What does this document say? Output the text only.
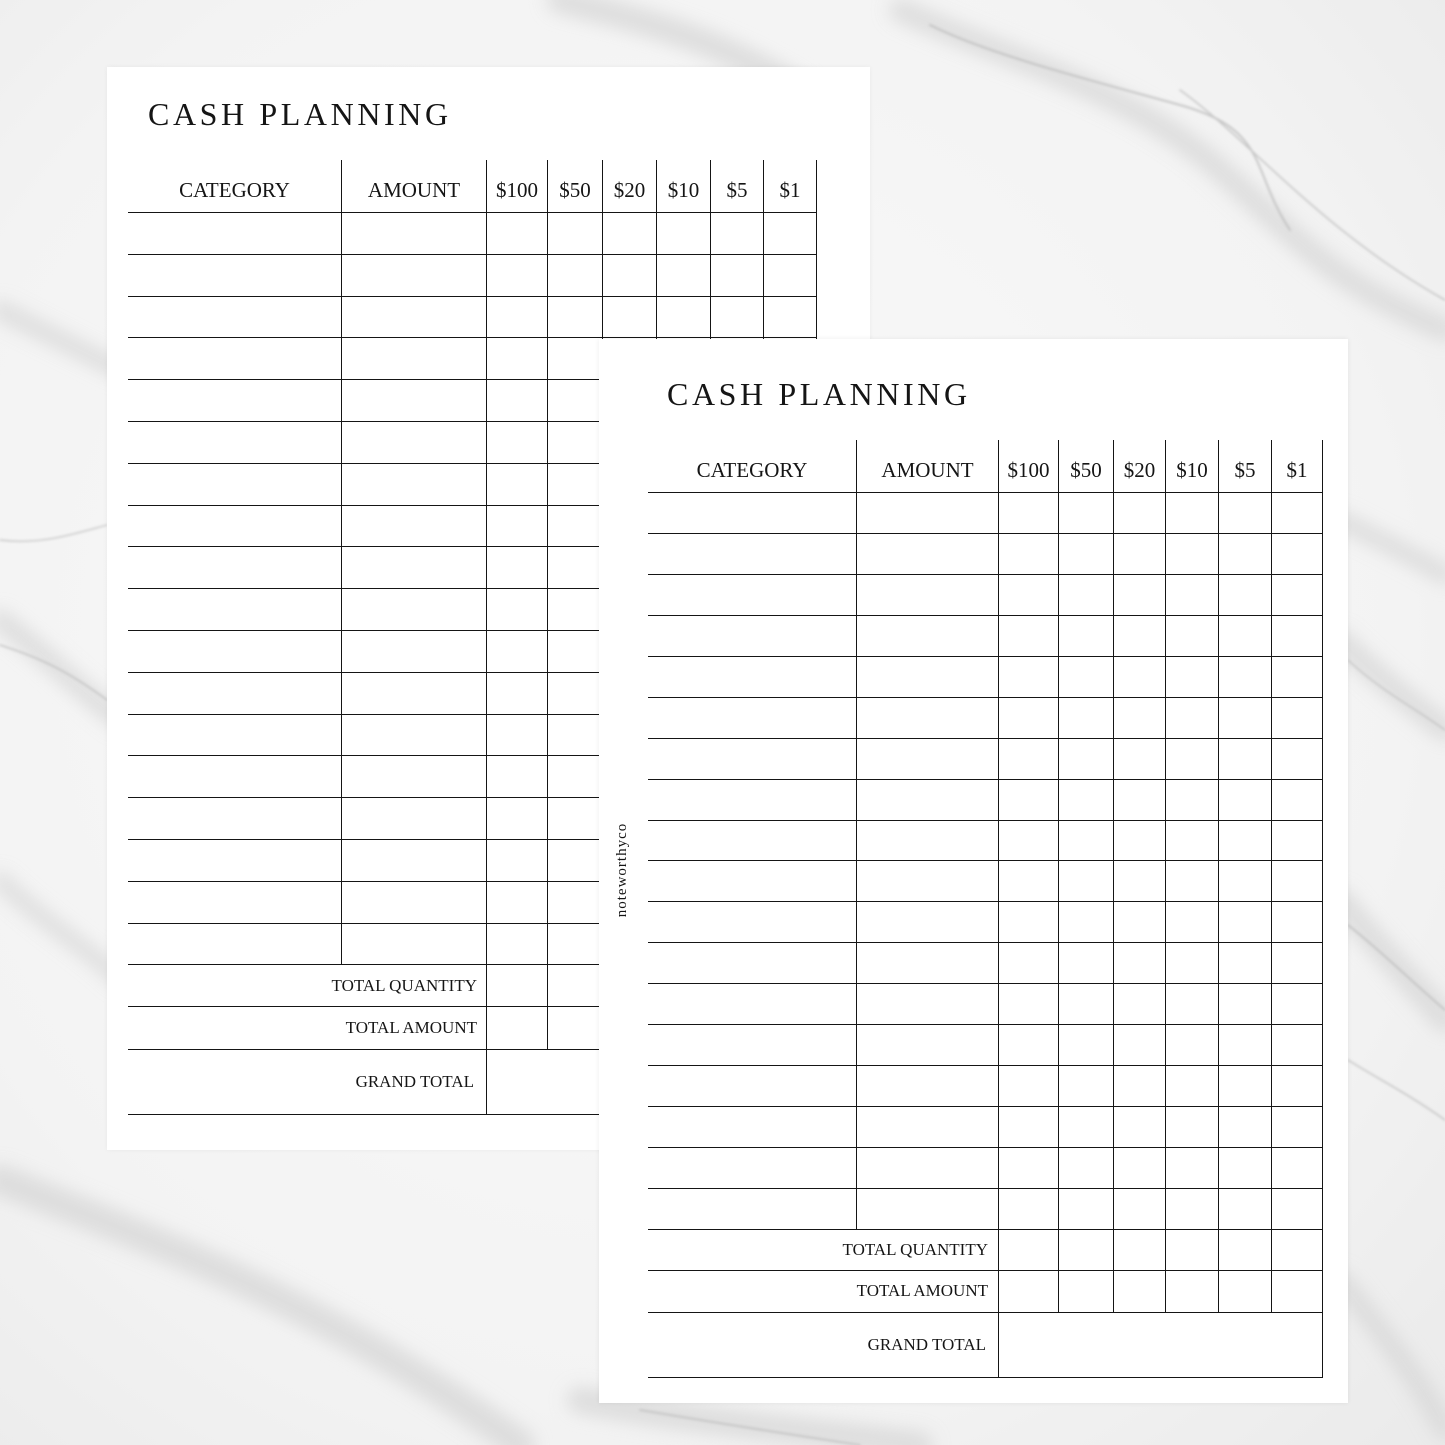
CASH PLANNING
CATEGORY	AMOUNT	$100	$50	$20	$10	$5	$1

TOTAL QUANTITY							
TOTAL AMOUNT							
GRAND TOTAL							
CASH PLANNING
noteworthyco
CATEGORY	AMOUNT	$100	$50	$20	$10	$5	$1

TOTAL QUANTITY							
TOTAL AMOUNT							
GRAND TOTAL							
